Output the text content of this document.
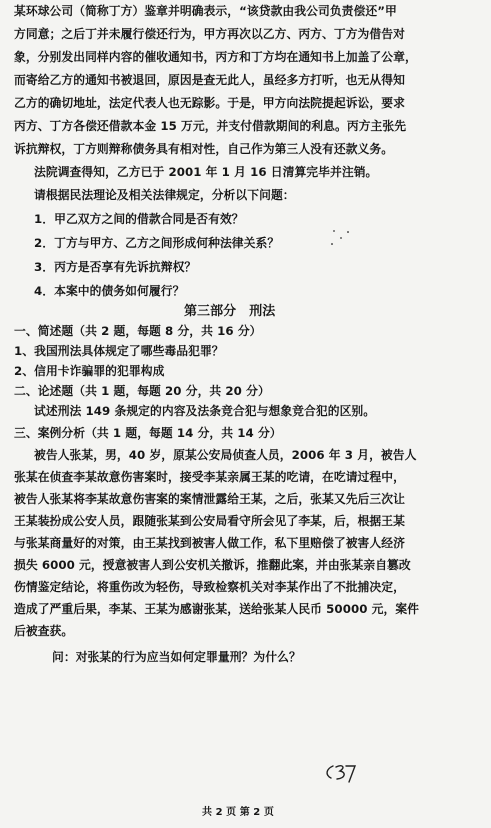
某环球公司（简称丁方）鉴章并明确表示，“该贷款由我公司负责偿还”甲
方同意；之后丁并未履行偿还行为，甲方再次以乙方、丙方、丁方为借告对
象，分别发出同样内容的催收通知书，丙方和丁方均在通知书上加盖了公章，
而寄给乙方的通知书被退回，原因是查无此人，虽经多方打听，也无从得知
乙方的确切地址，法定代表人也无踪影。于是，甲方向法院提起诉讼，要求
丙方、丁方各偿还借款本金 15 万元，并支付借款期间的利息。丙方主张先
诉抗辩权，丁方则辩称债务具有相对性，自己作为第三人没有还款义务。
法院调查得知，乙方已于 2001 年 1 月 16 日清算完毕并注销。
请根据民法理论及相关法律规定，分析以下问题：
1．甲乙双方之间的借款合同是否有效？
2．丁方与甲方、乙方之间形成何种法律关系？
3．丙方是否享有先诉抗辩权？
4．本案中的债务如何履行？
第三部分　刑法
一、简述题（共 2 题，每题 8 分，共 16 分）
1、我国刑法具体规定了哪些毒品犯罪？
2、信用卡诈骗罪的犯罪构成
二、论述题（共 1 题，每题 20 分，共 20 分）
试述刑法 149 条规定的内容及法条竞合犯与想象竞合犯的区别。
三、案例分析（共 1 题，每题 14 分，共 14 分）
被告人张某，男，40 岁，原某公安局侦查人员，2006 年 3 月，被告人
张某在侦查李某故意伤害案时，接受李某亲属王某的吃请，在吃请过程中，
被告人张某将李某故意伤害案的案情泄露给王某，之后，张某又先后三次让
王某装扮成公安人员，跟随张某到公安局看守所会见了李某，后，根据王某
与张某商量好的对策，由王某找到被害人做工作，私下里赔偿了被害人经济
损失 6000 元，授意被害人到公安机关撤诉，推翻此案，并由张某亲自篡改
伤情鉴定结论，将重伤改为轻伤，导致检察机关对李某作出了不批捕决定，
造成了严重后果，李某、王某为感谢张某，送给张某人民币 50000 元，案件
后被查获。
问：对张某的行为应当如何定罪量刑？为什么？
共 2 页 第 2 页
